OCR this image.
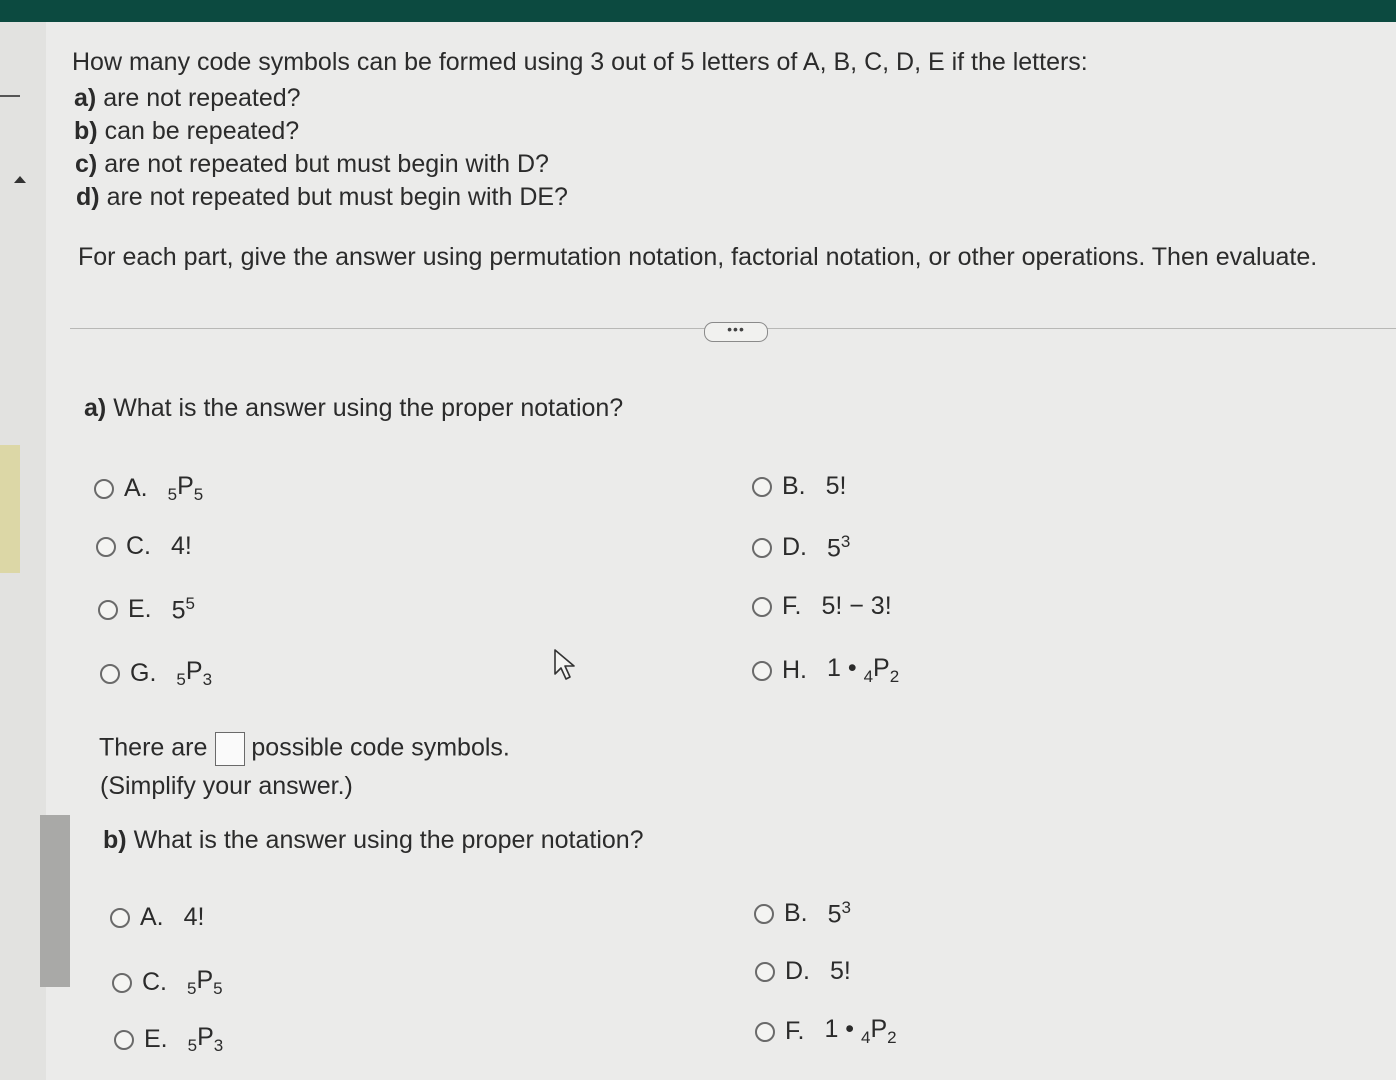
How many code symbols can be formed using 3 out of 5 letters of A, B, C, D, E if the letters:
a) are not repeated?
b) can be repeated?
c) are not repeated but must begin with D?
d) are not repeated but must begin with DE?
For each part, give the answer using permutation notation, factorial notation, or other operations. Then evaluate.
•••
a) What is the answer using the proper notation?
A. $_5P_5$	B. 5!
C. 4!	D. $5^3$
E. $5^5$	F. 5! − 3!
G. $_5P_3$	H. 1 • $_4P_2$
There are possible code symbols.
(Simplify your answer.)
b) What is the answer using the proper notation?
A. 4!	B. $5^3$
C. $_5P_5$
D. 5!
E. $_5P_3$
F. 1 • $_4P_2$
